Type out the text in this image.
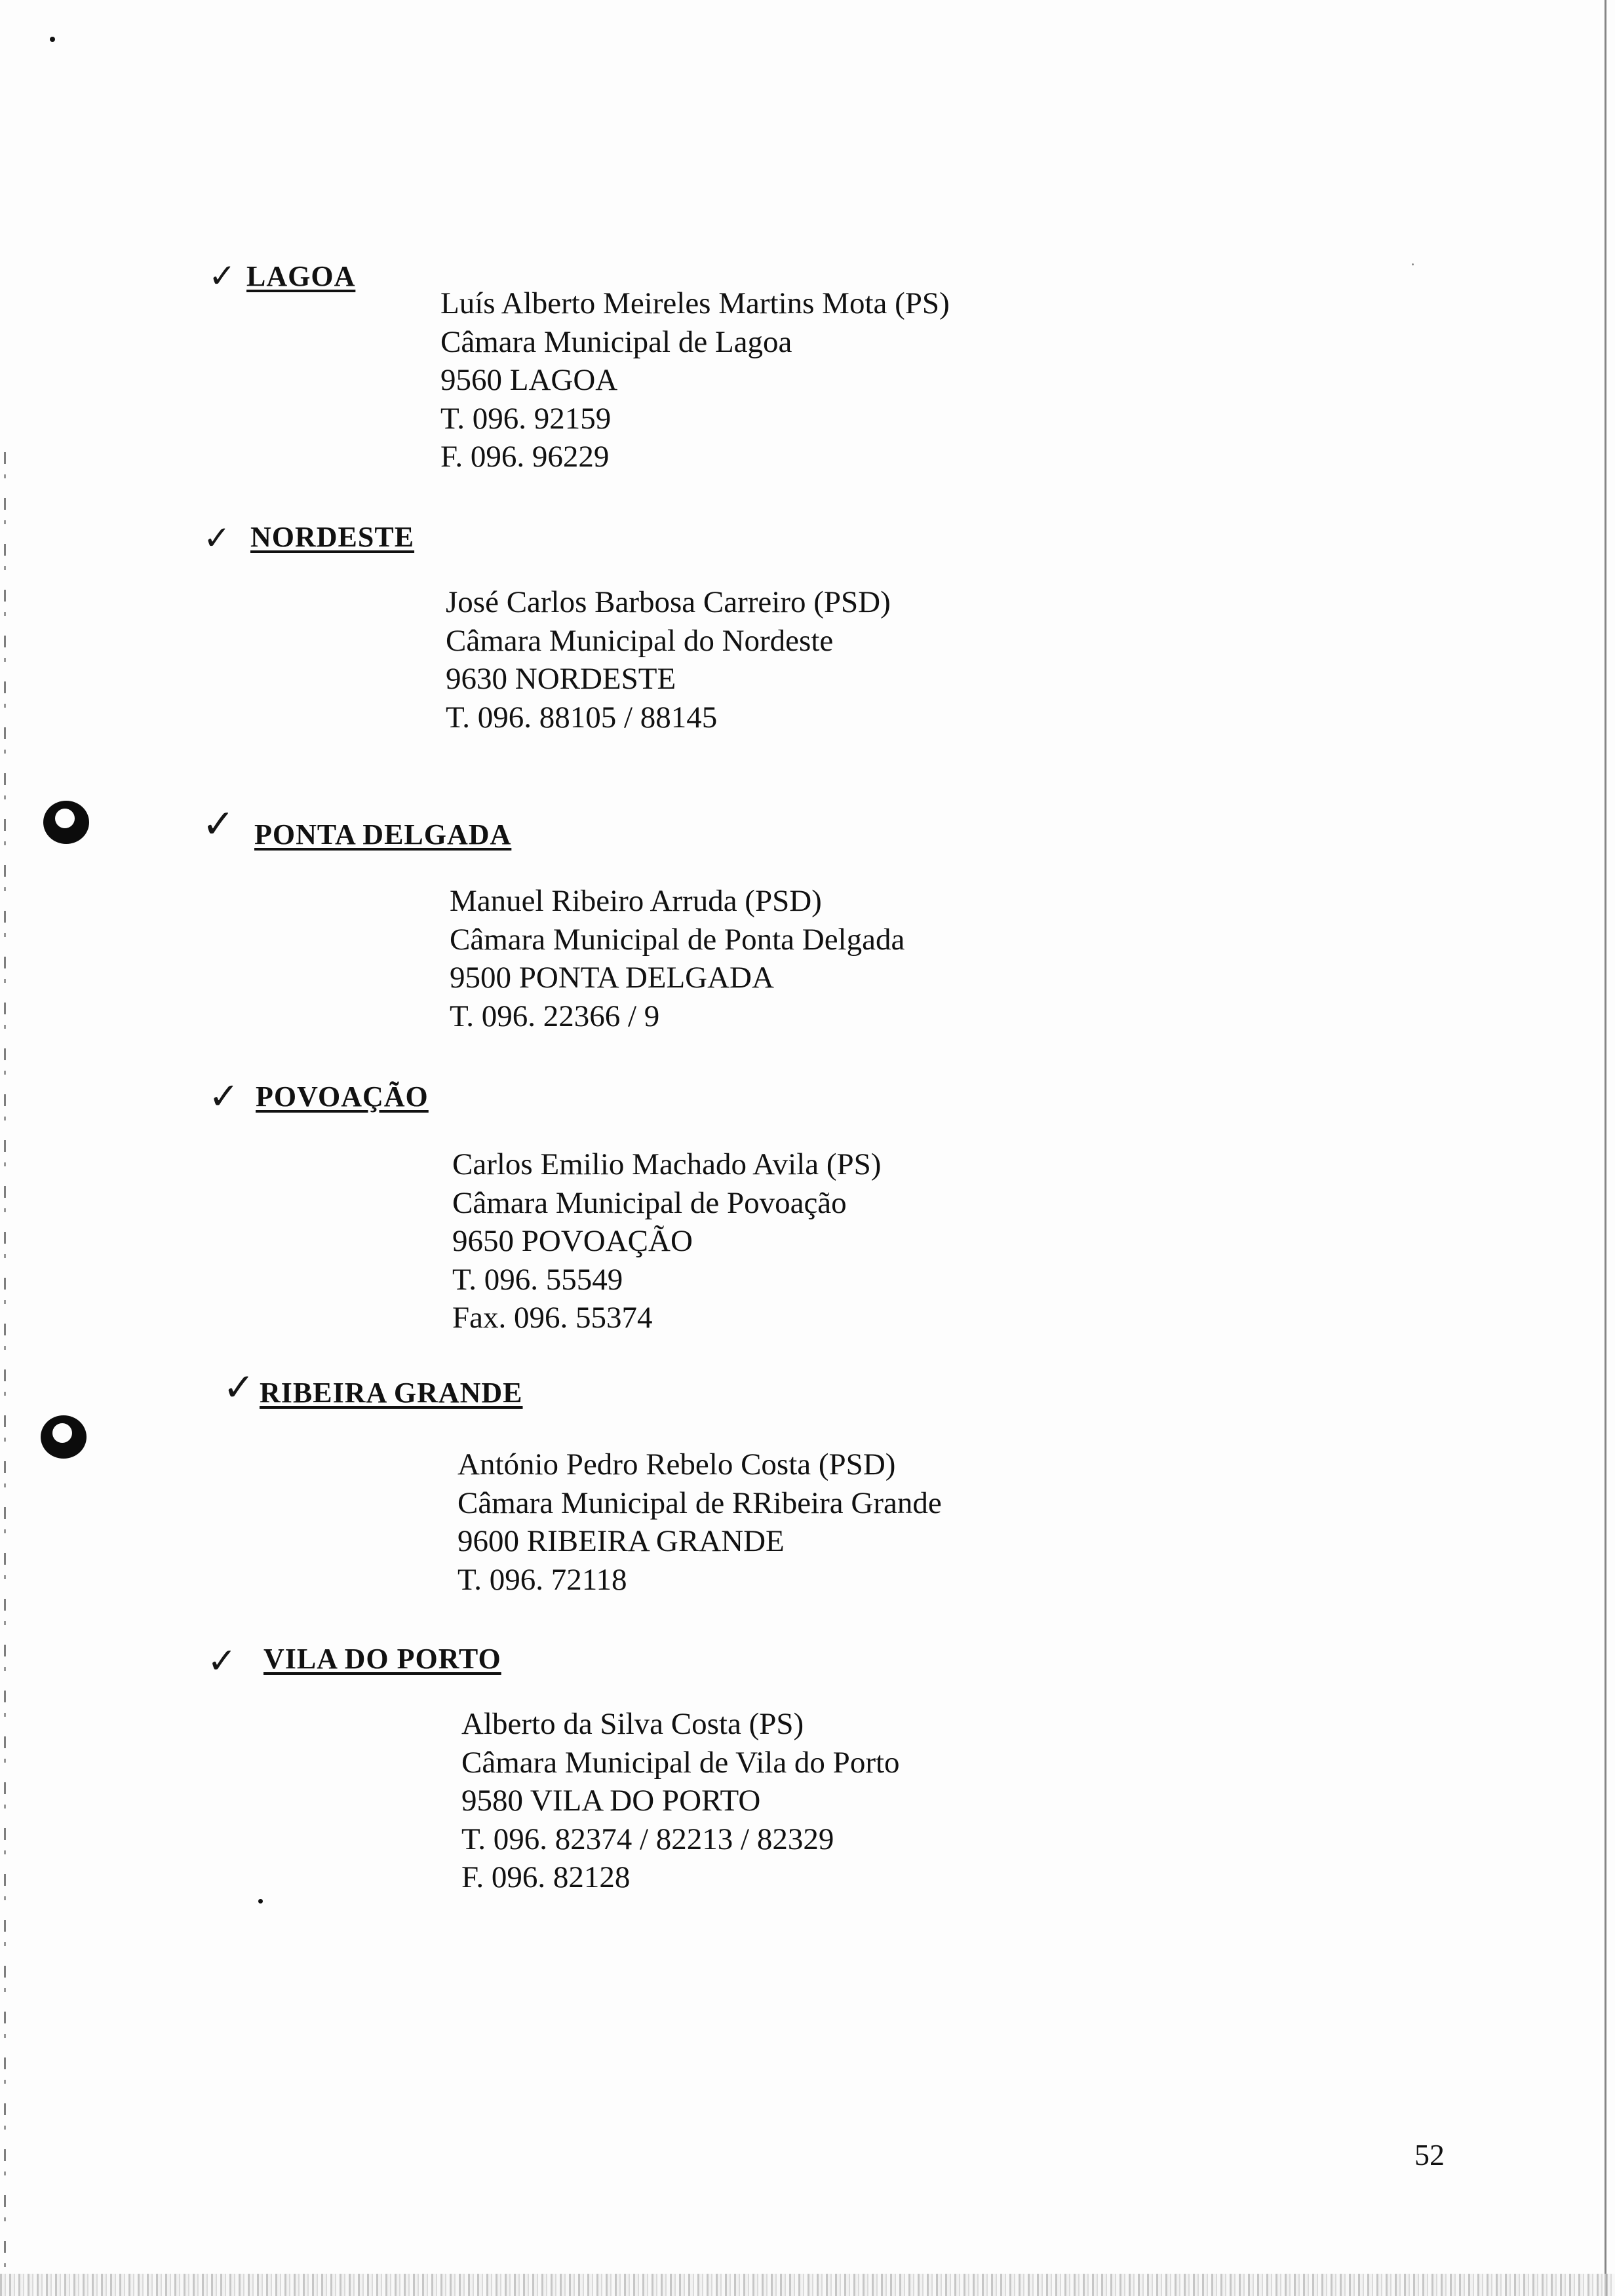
✓ LAGOA
Luís Alberto Meireles Martins Mota (PS)
Câmara Municipal de Lagoa
9560 LAGOA
T. 096. 92159
F. 096. 96229
✓ NORDESTE
José Carlos Barbosa Carreiro (PSD)
Câmara Municipal do Nordeste
9630 NORDESTE
T. 096. 88105 / 88145
✓ PONTA DELGADA
Manuel Ribeiro Arruda (PSD)
Câmara Municipal de Ponta Delgada
9500 PONTA DELGADA
T. 096. 22366 / 9
✓ POVOAÇÃO
Carlos Emilio Machado Avila (PS)
Câmara Municipal de Povoação
9650 POVOAÇÃO
T. 096. 55549
Fax. 096. 55374
✓ RIBEIRA GRANDE
António Pedro Rebelo Costa (PSD)
Câmara Municipal de RRibeira Grande
9600 RIBEIRA GRANDE
T. 096. 72118
✓ VILA DO PORTO
Alberto da Silva Costa (PS)
Câmara Municipal de Vila do Porto
9580 VILA DO PORTO
T. 096. 82374 / 82213 / 82329
F. 096. 82128
52
